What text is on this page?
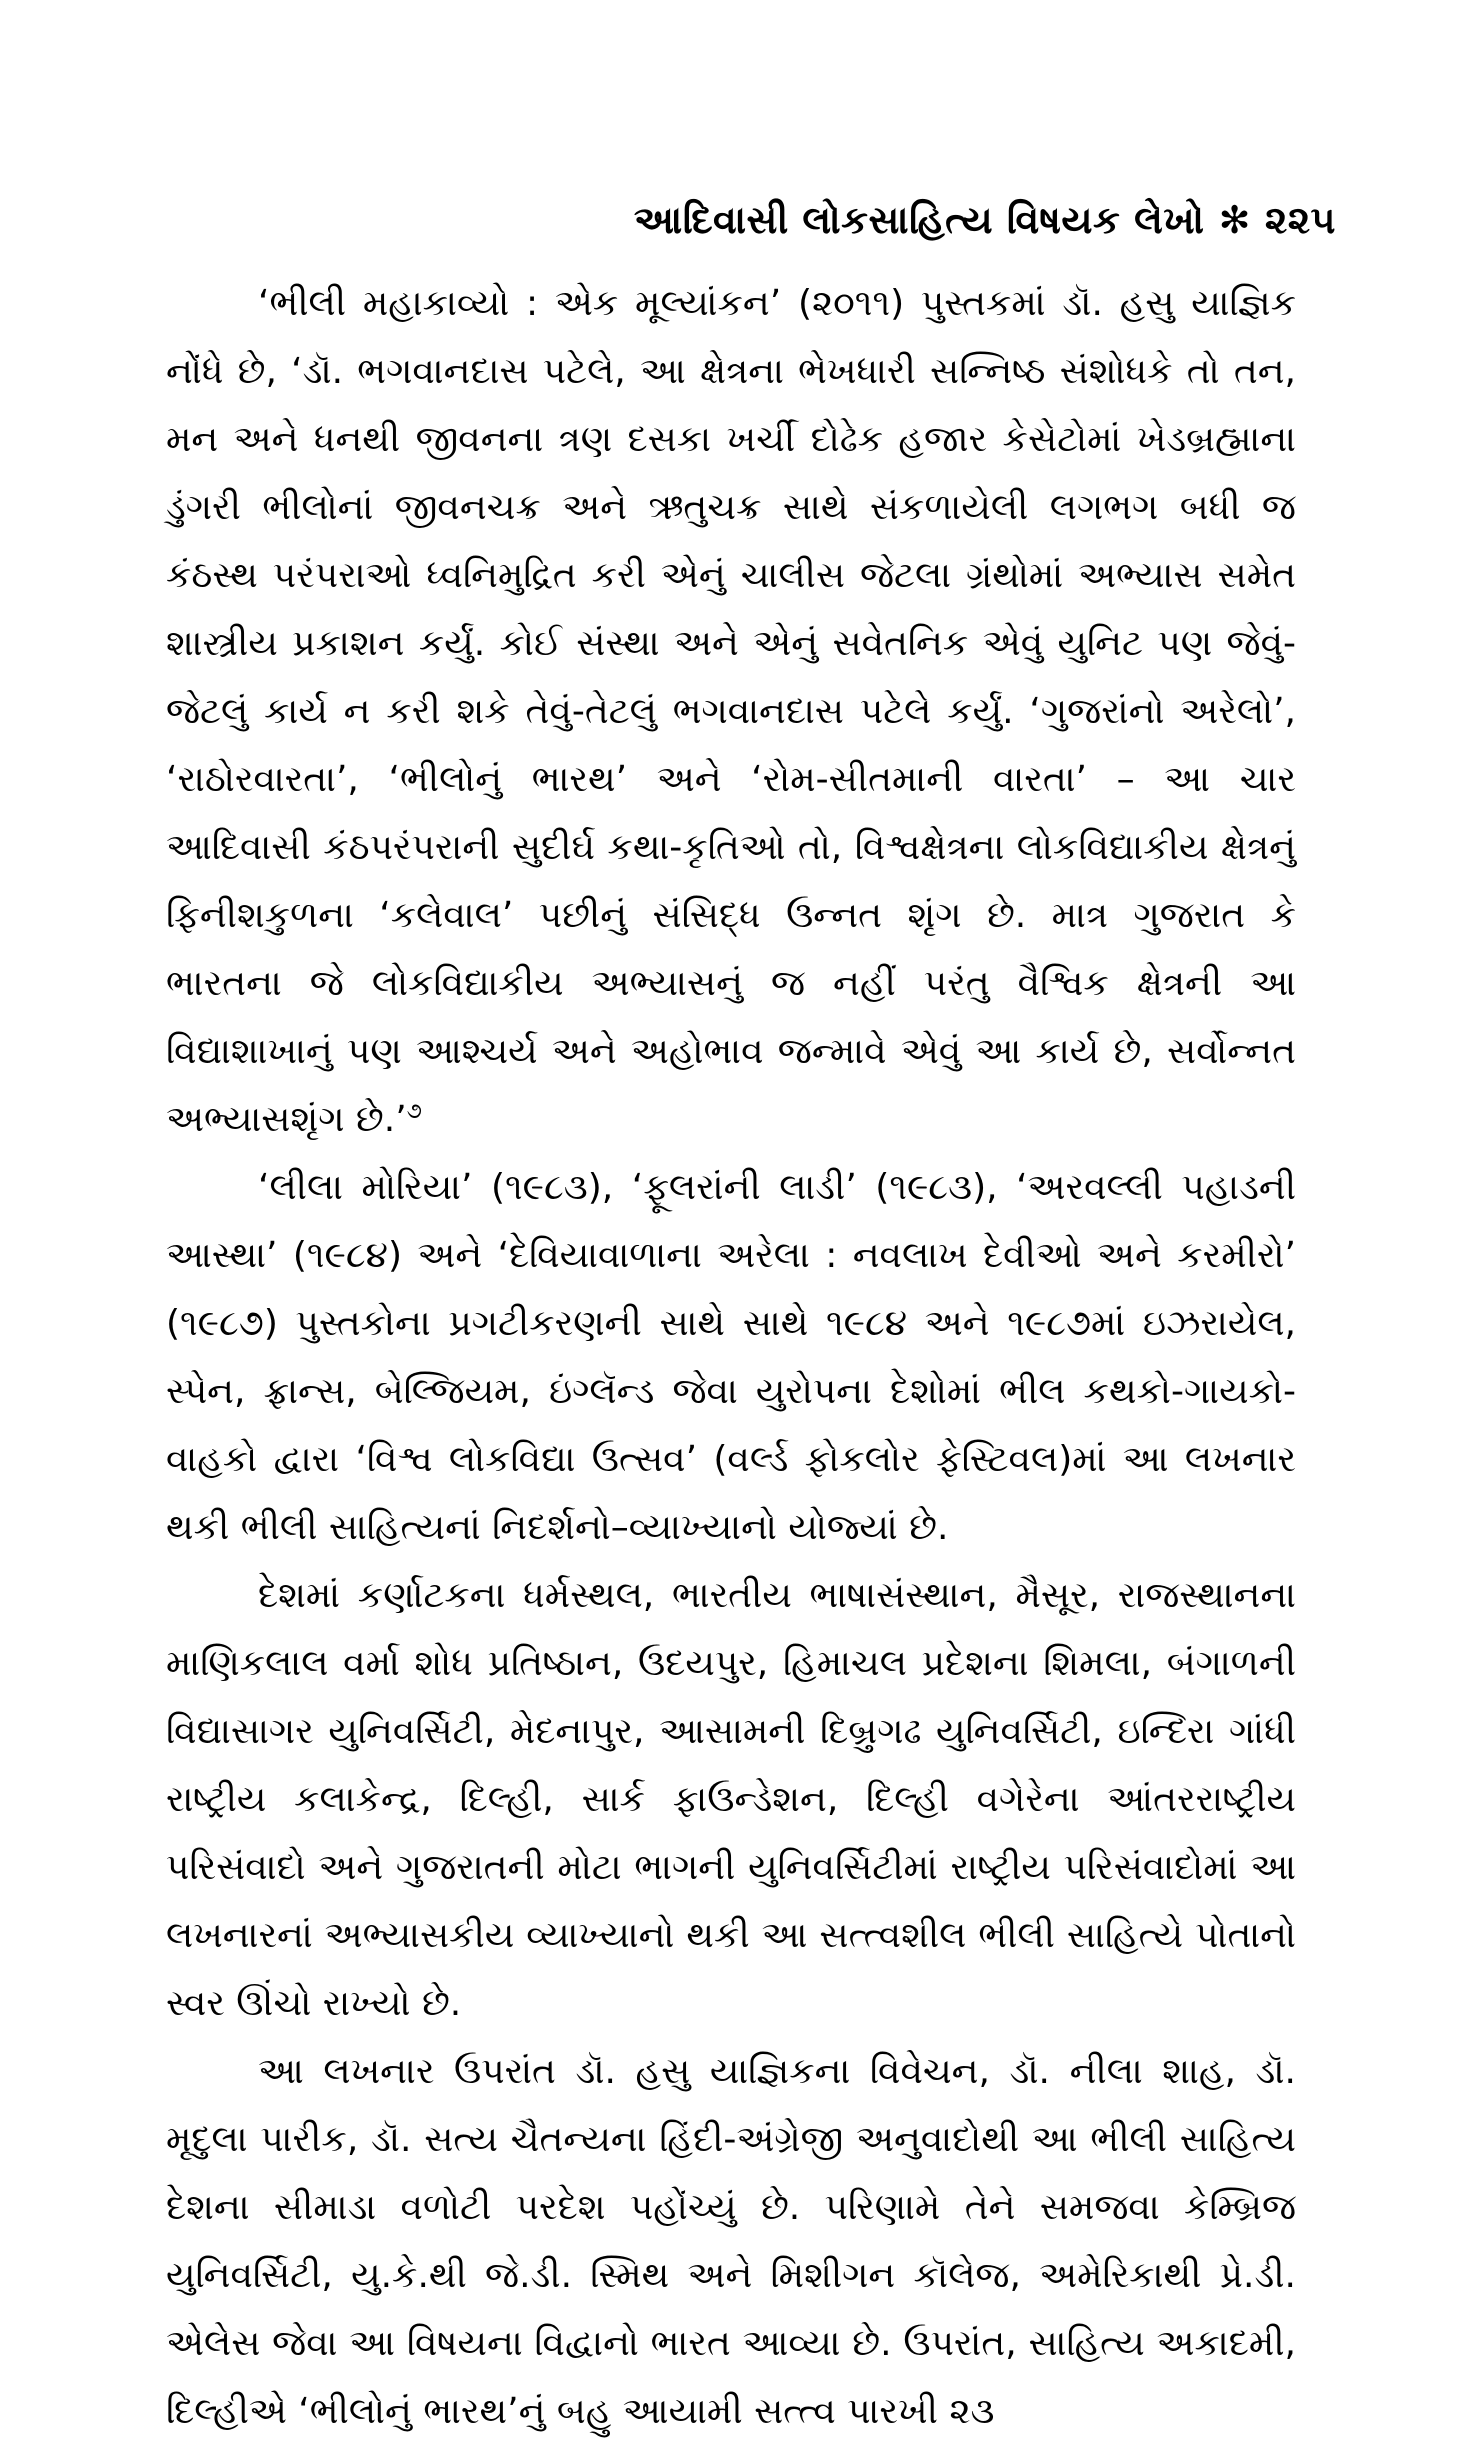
આદિવાસી લોકસાહિત્ય વિષયક લેખો ✻ ૨૨૫

‘ભીલી મહાકાવ્યો : એક મૂલ્યાંકન’ (૨૦૧૧) પુસ્તકમાં ડૉ. હસુ યાજ્ઞિક નોંધે છે, ‘ડૉ. ભગવાનદાસ પટેલે, આ ક્ષેત્રના ભેખધારી સન્નિષ્ઠ સંશોધકે તો તન, મન અને ધનથી જીવનના ત્રણ દસકા ખર્ચી દોઢેક હજાર કેસેટોમાં ખેડબ્રહ્માના ડુંગરી ભીલોનાં જીવનચક્ર અને ઋતુચક્ર સાથે સંકળાયેલી લગભગ બધી જ કંઠસ્થ પરંપરાઓ ધ્વનિમુદ્રિત કરી એનું ચાલીસ જેટલા ગ્રંથોમાં અભ્યાસ સમેત શાસ્ત્રીય પ્રકાશન કર્યું. કોઈ સંસ્થા અને એનું સવેતનિક એવું યુનિટ પણ જેવું-જેટલું કાર્ય ન કરી શકે તેવું-તેટલું ભગવાનદાસ પટેલે કર્યું. ‘ગુજરાંનો અરેલો’, ‘રાઠોરવારતા’, ‘ભીલોનું ભારથ’ અને ‘રોમ-સીતમાની વારતા’ – આ ચાર આદિવાસી કંઠપરંપરાની સુદીર્ઘ કથા-કૃતિઓ તો, વિશ્વક્ષેત્રના લોકવિદ્યાકીય ક્ષેત્રનું ફિનીશકુળના ‘કલેવાલ’ પછીનું સંસિદ્ધ ઉન્નત શૃંગ છે. માત્ર ગુજરાત કે ભારતના જે લોકવિદ્યાકીય અભ્યાસનું જ નહીં પરંતુ વૈશ્વિક ક્ષેત્રની આ વિદ્યાશાખાનું પણ આશ્ચર્ય અને અહોભાવ જન્માવે એવું આ કાર્ય છે, સર્વોન્નત અભ્યાસશૃંગ છે.’$^૭$

‘લીલા મોરિયા’ (૧૯૮૩), ‘ફૂલરાંની લાડી’ (૧૯૮૩), ‘અરવલ્લી પહાડની આસ્થા’ (૧૯૮૪) અને ‘દેવિયાવાળાના અરેલા : નવલાખ દેવીઓ અને કરમીરો’ (૧૯૮૭) પુસ્તકોના પ્રગટીકરણની સાથે સાથે ૧૯૮૪ અને ૧૯૮૭માં ઇઝરાયેલ, સ્પેન, ફ્રાન્સ, બેલ્જિયમ, ઇંગ્લૅન્ડ જેવા યુરોપના દેશોમાં ભીલ કથકો-ગાયકો-વાહકો દ્વારા ‘વિશ્વ લોકવિદ્યા ઉત્સવ’ (વર્લ્ડ ફોકલોર ફેસ્ટિવલ)માં આ લખનાર થકી ભીલી સાહિત્યનાં નિદર્શનો–વ્યાખ્યાનો યોજ્યાં છે.

દેશમાં કર્ણાટકના ધર્મસ્થલ, ભારતીય ભાષાસંસ્થાન, મૈસૂર, રાજસ્થાનના માણિકલાલ વર્મા શોધ પ્રતિષ્ઠાન, ઉદયપુર, હિમાચલ પ્રદેશના શિમલા, બંગાળની વિદ્યાસાગર યુનિવર્સિટી, મેદનાપુર, આસામની દિબ્રુગઢ યુનિવર્સિટી, ઇન્દિરા ગાંધી રાષ્ટ્રીય કલાકેન્દ્ર, દિલ્હી, સાર્ક ફાઉન્ડેશન, દિલ્હી વગેરેના આંતરરાષ્ટ્રીય પરિસંવાદો અને ગુજરાતની મોટા ભાગની યુનિવર્સિટીમાં રાષ્ટ્રીય પરિસંવાદોમાં આ લખનારનાં અભ્યાસકીય વ્યાખ્યાનો થકી આ સત્ત્વશીલ ભીલી સાહિત્યે પોતાનો સ્વર ઊંચો રાખ્યો છે.

આ લખનાર ઉપરાંત ડૉ. હસુ યાજ્ઞિકના વિવેચન, ડૉ. નીલા શાહ, ડૉ. મૃદુલા પારીક, ડૉ. સત્ય ચૈતન્યના હિંદી-અંગ્રેજી અનુવાદોથી આ ભીલી સાહિત્ય દેશના સીમાડા વળોટી પરદેશ પહોંચ્યું છે. પરિણામે તેને સમજવા કેમ્બ્રિજ યુનિવર્સિટી, યુ.કે.થી જે.ડી. સ્મિથ અને મિશીગન કૉલેજ, અમેરિકાથી પ્રે.ડી. એલેસ જેવા આ વિષયના વિદ્વાનો ભારત આવ્યા છે. ઉપરાંત, સાહિત્ય અકાદમી, દિલ્હીએ ‘ભીલોનું ભારથ’નું બહુ આયામી સત્ત્વ પારખી ૨૩
